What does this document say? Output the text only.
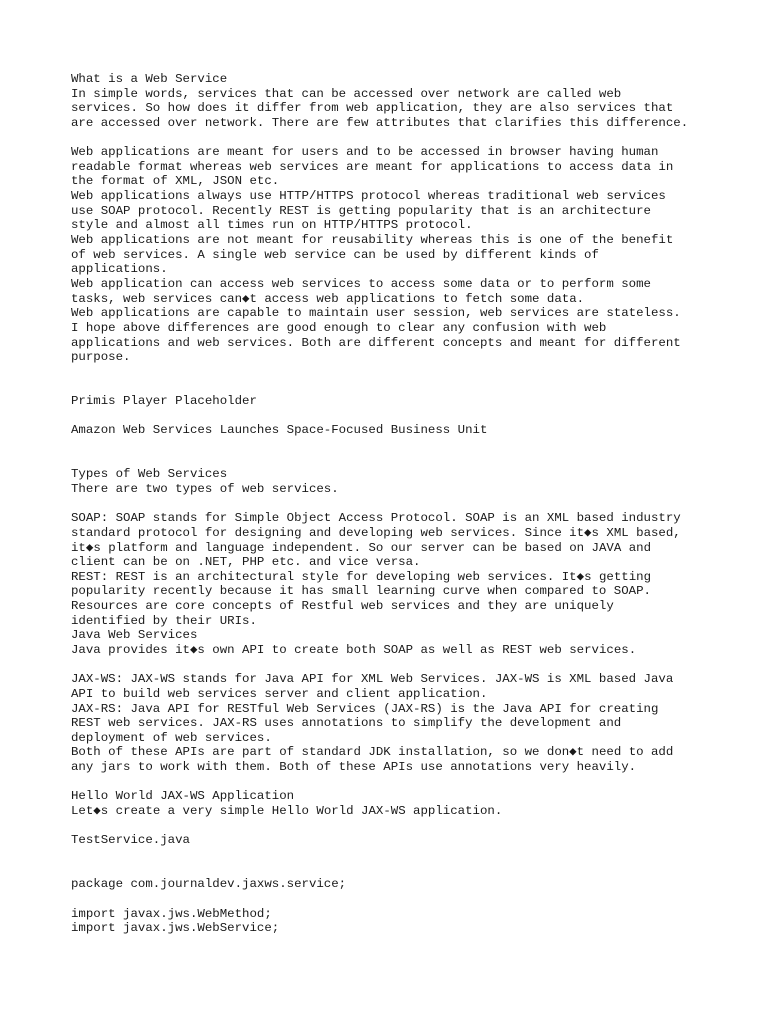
What is a Web Service
In simple words, services that can be accessed over network are called web
services. So how does it differ from web application, they are also services that
are accessed over network. There are few attributes that clarifies this difference.
Web applications are meant for users and to be accessed in browser having human
readable format whereas web services are meant for applications to access data in
the format of XML, JSON etc.
Web applications always use HTTP/HTTPS protocol whereas traditional web services
use SOAP protocol. Recently REST is getting popularity that is an architecture
style and almost all times run on HTTP/HTTPS protocol.
Web applications are not meant for reusability whereas this is one of the benefit
of web services. A single web service can be used by different kinds of
applications.
Web application can access web services to access some data or to perform some
tasks, web services can◆t access web applications to fetch some data.
Web applications are capable to maintain user session, web services are stateless.
I hope above differences are good enough to clear any confusion with web
applications and web services. Both are different concepts and meant for different
purpose.
Primis Player Placeholder
Amazon Web Services Launches Space-Focused Business Unit
Types of Web Services
There are two types of web services.
SOAP: SOAP stands for Simple Object Access Protocol. SOAP is an XML based industry
standard protocol for designing and developing web services. Since it◆s XML based,
it◆s platform and language independent. So our server can be based on JAVA and
client can be on .NET, PHP etc. and vice versa.
REST: REST is an architectural style for developing web services. It◆s getting
popularity recently because it has small learning curve when compared to SOAP.
Resources are core concepts of Restful web services and they are uniquely
identified by their URIs.
Java Web Services
Java provides it◆s own API to create both SOAP as well as REST web services.
JAX-WS: JAX-WS stands for Java API for XML Web Services. JAX-WS is XML based Java
API to build web services server and client application.
JAX-RS: Java API for RESTful Web Services (JAX-RS) is the Java API for creating
REST web services. JAX-RS uses annotations to simplify the development and
deployment of web services.
Both of these APIs are part of standard JDK installation, so we don◆t need to add
any jars to work with them. Both of these APIs use annotations very heavily.
Hello World JAX-WS Application
Let◆s create a very simple Hello World JAX-WS application.
TestService.java
package com.journaldev.jaxws.service;
import javax.jws.WebMethod;
import javax.jws.WebService;
